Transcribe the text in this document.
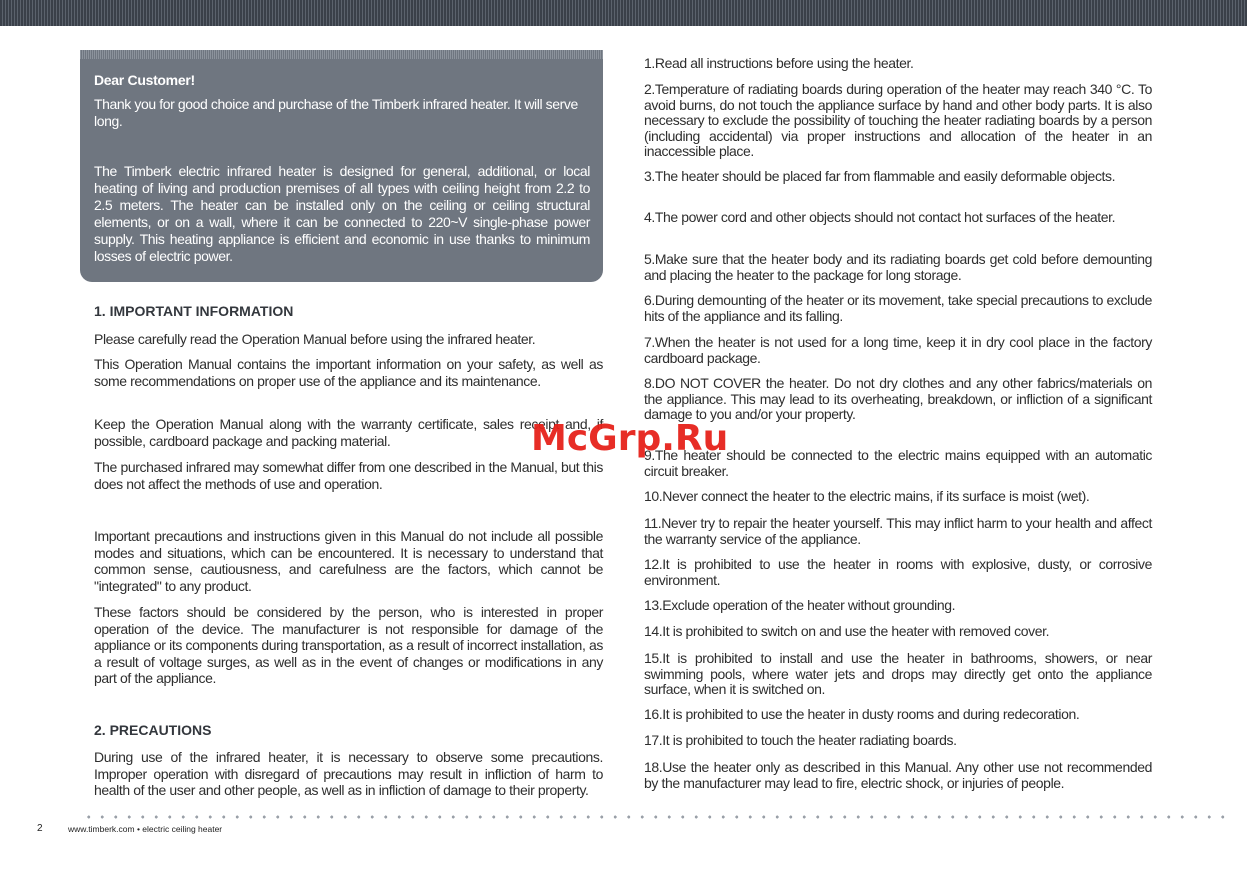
Dear Customer!
Thank you for good choice and purchase of the Timberk infrared heater. It will serve long.
The Timberk electric infrared heater is designed for general, additional, or local heating of living and production premises of all types with ceiling height from 2.2 to 2.5 meters. The heater can be installed only on the ceiling or ceiling structural elements, or on a wall, where it can be connected to 220~V single-phase power supply. This heating appliance is efficient and economic in use thanks to minimum losses of electric power.
1. IMPORTANT INFORMATION
Please carefully read the Operation Manual before using the infrared heater.
This Operation Manual contains the important information on your safety, as well as some recommendations on proper use of the appliance and its maintenance.
Keep the Operation Manual along with the warranty certificate, sales receipt and, if possible, cardboard package and packing material.
The purchased infrared may somewhat differ from one described in the Manual, but this does not affect the methods of use and operation.
Important precautions and instructions given in this Manual do not include all possible modes and situations, which can be encountered. It is necessary to understand that common sense, cautiousness, and carefulness are the factors, which cannot be "integrated" to any product.
These factors should be considered by the person, who is interested in proper operation of the device. The manufacturer is not responsible for damage of the appliance or its components during transportation, as a result of incorrect installation, as a result of voltage surges, as well as in the event of changes or modifications in any part of the appliance.
2. PRECAUTIONS
During use of the infrared heater, it is necessary to observe some precautions. Improper operation with disregard of precautions may result in infliction of harm to health of the user and other people, as well as in infliction of damage to their property.
1.Read all instructions before using the heater.
2.Temperature of radiating boards during operation of the heater may reach 340 °C. To avoid burns, do not touch the appliance surface by hand and other body parts. It is also necessary to exclude the possibility of touching the heater radiating boards by a person (including accidental) via proper instructions and allocation of the heater in an inaccessible place.
3.The heater should be placed far from flammable and easily deformable objects.
4.The power cord and other objects should not contact hot surfaces of the heater.
5.Make sure that the heater body and its radiating boards get cold before demounting and placing the heater to the package for long storage.
6.During demounting of the heater or its movement, take special precautions to exclude hits of the appliance and its falling.
7.When the heater is not used for a long time, keep it in dry cool place in the factory cardboard package.
8.DO NOT COVER the heater. Do not dry clothes and any other fabrics/materials on the appliance. This may lead to its overheating, breakdown, or infliction of a significant damage to you and/or your property.
9.The heater should be connected to the electric mains equipped with an automatic circuit breaker.
10.Never connect the heater to the electric mains, if its surface is moist (wet).
11.Never try to repair the heater yourself. This may inflict harm to your health and affect the warranty service of the appliance.
12.It is prohibited to use the heater in rooms with explosive, dusty, or corrosive environment.
13.Exclude operation of the heater without grounding.
14.It is prohibited to switch on and use the heater with removed cover.
15.It is prohibited to install and use the heater in bathrooms, showers, or near swimming pools, where water jets and drops may directly get onto the appliance surface, when it is switched on.
16.It is prohibited to use the heater in dusty rooms and during redecoration.
17.It is prohibited to touch the heater radiating boards.
18.Use the heater only as described in this Manual. Any other use not recommended by the manufacturer may lead to fire, electric shock, or injuries of people.
McGrp.Ru
2	www.timberk.com • electric ceiling heater
